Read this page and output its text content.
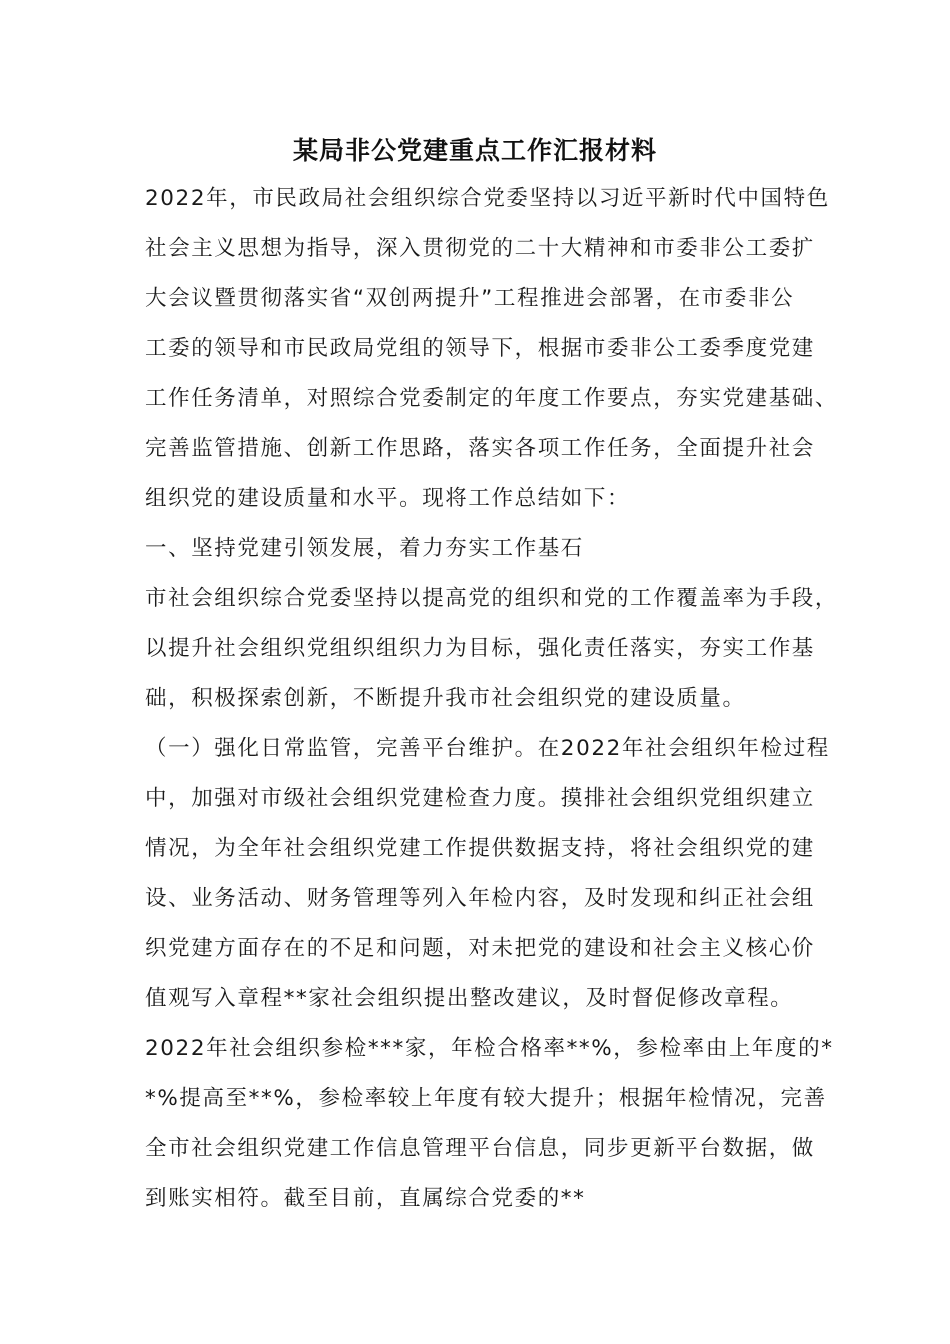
某局非公党建重点工作汇报材料
2022年，市民政局社会组织综合党委坚持以习近平新时代中国特色
社会主义思想为指导，深入贯彻党的二十大精神和市委非公工委扩
大会议暨贯彻落实省“双创两提升”工程推进会部署，在市委非公
工委的领导和市民政局党组的领导下，根据市委非公工委季度党建
工作任务清单，对照综合党委制定的年度工作要点，夯实党建基础、
完善监管措施、创新工作思路，落实各项工作任务，全面提升社会
组织党的建设质量和水平。现将工作总结如下：
一、坚持党建引领发展，着力夯实工作基石
市社会组织综合党委坚持以提高党的组织和党的工作覆盖率为手段，
以提升社会组织党组织组织力为目标，强化责任落实，夯实工作基
础，积极探索创新，不断提升我市社会组织党的建设质量。
（一）强化日常监管，完善平台维护。在2022年社会组织年检过程
中，加强对市级社会组织党建检查力度。摸排社会组织党组织建立
情况，为全年社会组织党建工作提供数据支持，将社会组织党的建
设、业务活动、财务管理等列入年检内容，及时发现和纠正社会组
织党建方面存在的不足和问题，对未把党的建设和社会主义核心价
值观写入章程**家社会组织提出整改建议，及时督促修改章程。
2022年社会组织参检***家，年检合格率**%，参检率由上年度的*
*%提高至**%，参检率较上年度有较大提升；根据年检情况，完善
全市社会组织党建工作信息管理平台信息，同步更新平台数据，做
到账实相符。截至目前，直属综合党委的**
